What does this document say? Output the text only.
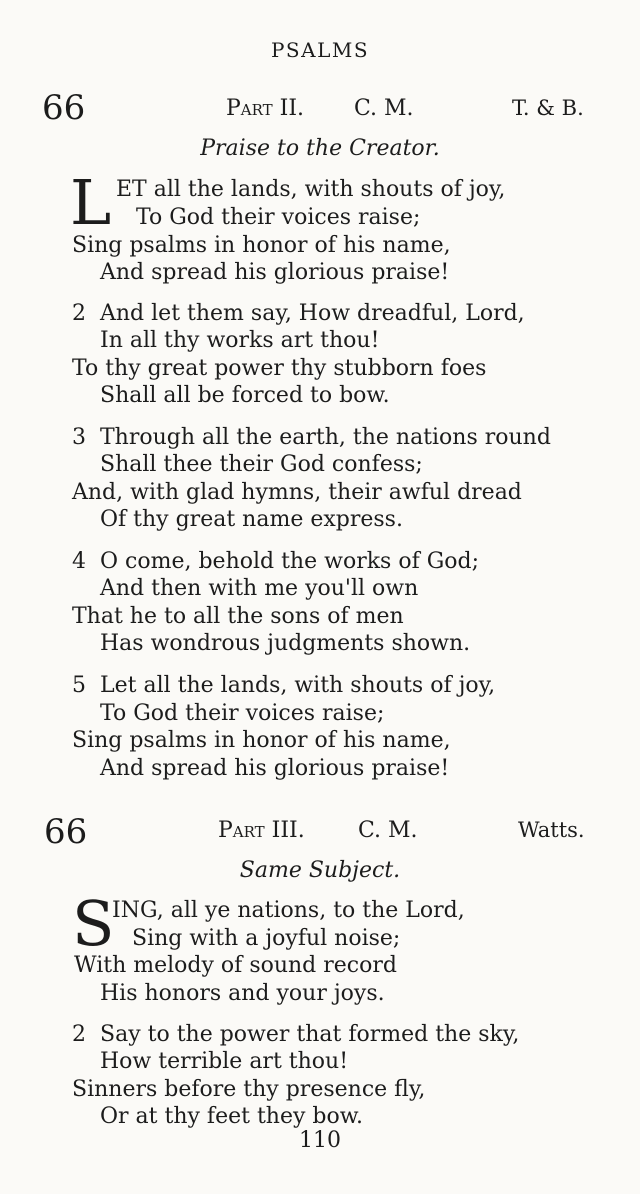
PSALMS
66	Part II. C. M.	T. & B.
Praise to the Creator.
L ET all the lands, with shouts of joy,
To God their voices raise;
Sing psalms in honor of his name,
And spread his glorious praise!
2 And let them say, How dreadful, Lord,
In all thy works art thou!
To thy great power thy stubborn foes
Shall all be forced to bow.
3 Through all the earth, the nations round
Shall thee their God confess;
And, with glad hymns, their awful dread
Of thy great name express.
4 O come, behold the works of God;
And then with me you'll own
That he to all the sons of men
Has wondrous judgments shown.
5 Let all the lands, with shouts of joy,
To God their voices raise;
Sing psalms in honor of his name,
And spread his glorious praise!
66	Part III. C. M.	Watts.
Same Subject.
S
ING, all ye nations, to the Lord,
Sing with a joyful noise;
With melody of sound record
His honors and your joys.
2 Say to the power that formed the sky,
How terrible art thou!
Sinners before thy presence fly,
Or at thy feet they bow.
110
